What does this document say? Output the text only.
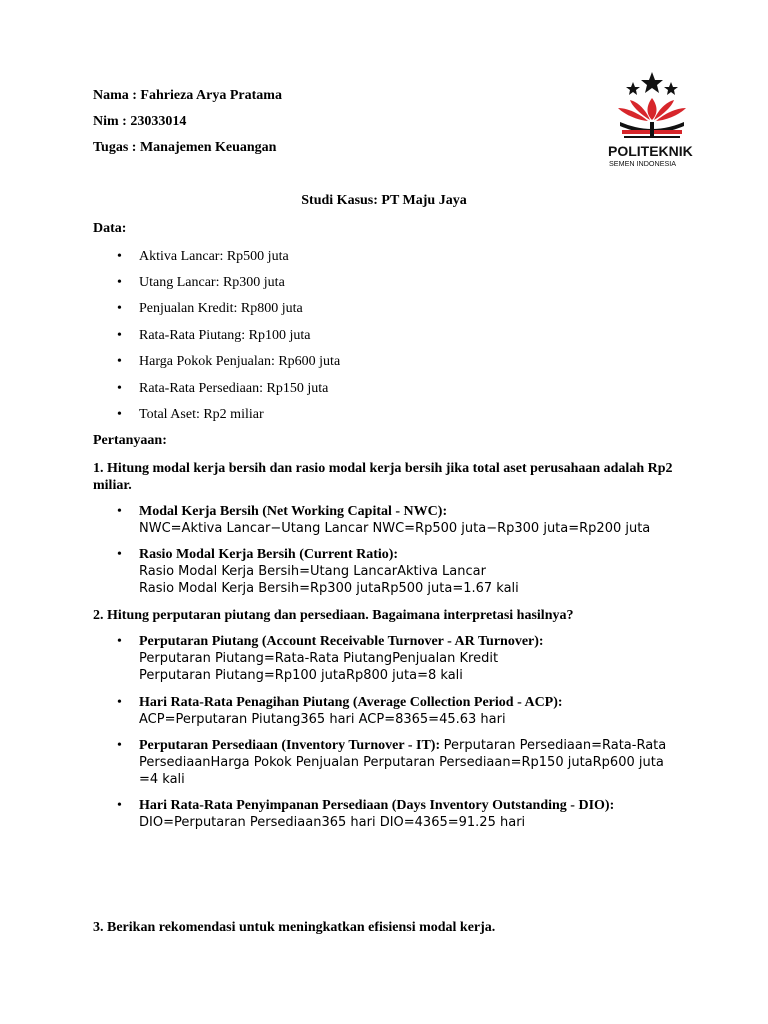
Nama : Fahrieza Arya Pratama
Nim : 23033014
Tugas : Manajemen Keuangan	POLITEKNIK
SEMEN INDONESIA
Studi Kasus: PT Maju Jaya
Data:
• Aktiva Lancar: Rp500 juta
• Utang Lancar: Rp300 juta
• Penjualan Kredit: Rp800 juta
• Rata-Rata Piutang: Rp100 juta
• Harga Pokok Penjualan: Rp600 juta
• Rata-Rata Persediaan: Rp150 juta
• Total Aset: Rp2 miliar
Pertanyaan:
1. Hitung modal kerja bersih dan rasio modal kerja bersih jika total aset perusahaan adalah Rp2 miliar.
• Modal Kerja Bersih (Net Working Capital - NWC):
NWC=Aktiva Lancar−Utang Lancar NWC=Rp500 juta−Rp300 juta=Rp200 juta
• Rasio Modal Kerja Bersih (Current Ratio):
Rasio Modal Kerja Bersih=Utang LancarAktiva Lancar
Rasio Modal Kerja Bersih=Rp300 jutaRp500 juta=1.67 kali
2. Hitung perputaran piutang dan persediaan. Bagaimana interpretasi hasilnya?
• Perputaran Piutang (Account Receivable Turnover - AR Turnover):
Perputaran Piutang=Rata-Rata PiutangPenjualan Kredit
Perputaran Piutang=Rp100 jutaRp800 juta=8 kali
• Hari Rata-Rata Penagihan Piutang (Average Collection Period - ACP):
ACP=Perputaran Piutang365 hari ACP=8365=45.63 hari
• Perputaran Persediaan (Inventory Turnover - IT): Perputaran Persediaan=Rata-Rata PersediaanHarga Pokok Penjualan Perputaran Persediaan=Rp150 jutaRp600 juta =4 kali
• Hari Rata-Rata Penyimpanan Persediaan (Days Inventory Outstanding - DIO):
DIO=Perputaran Persediaan365 hari DIO=4365=91.25 hari
3. Berikan rekomendasi untuk meningkatkan efisiensi modal kerja.
